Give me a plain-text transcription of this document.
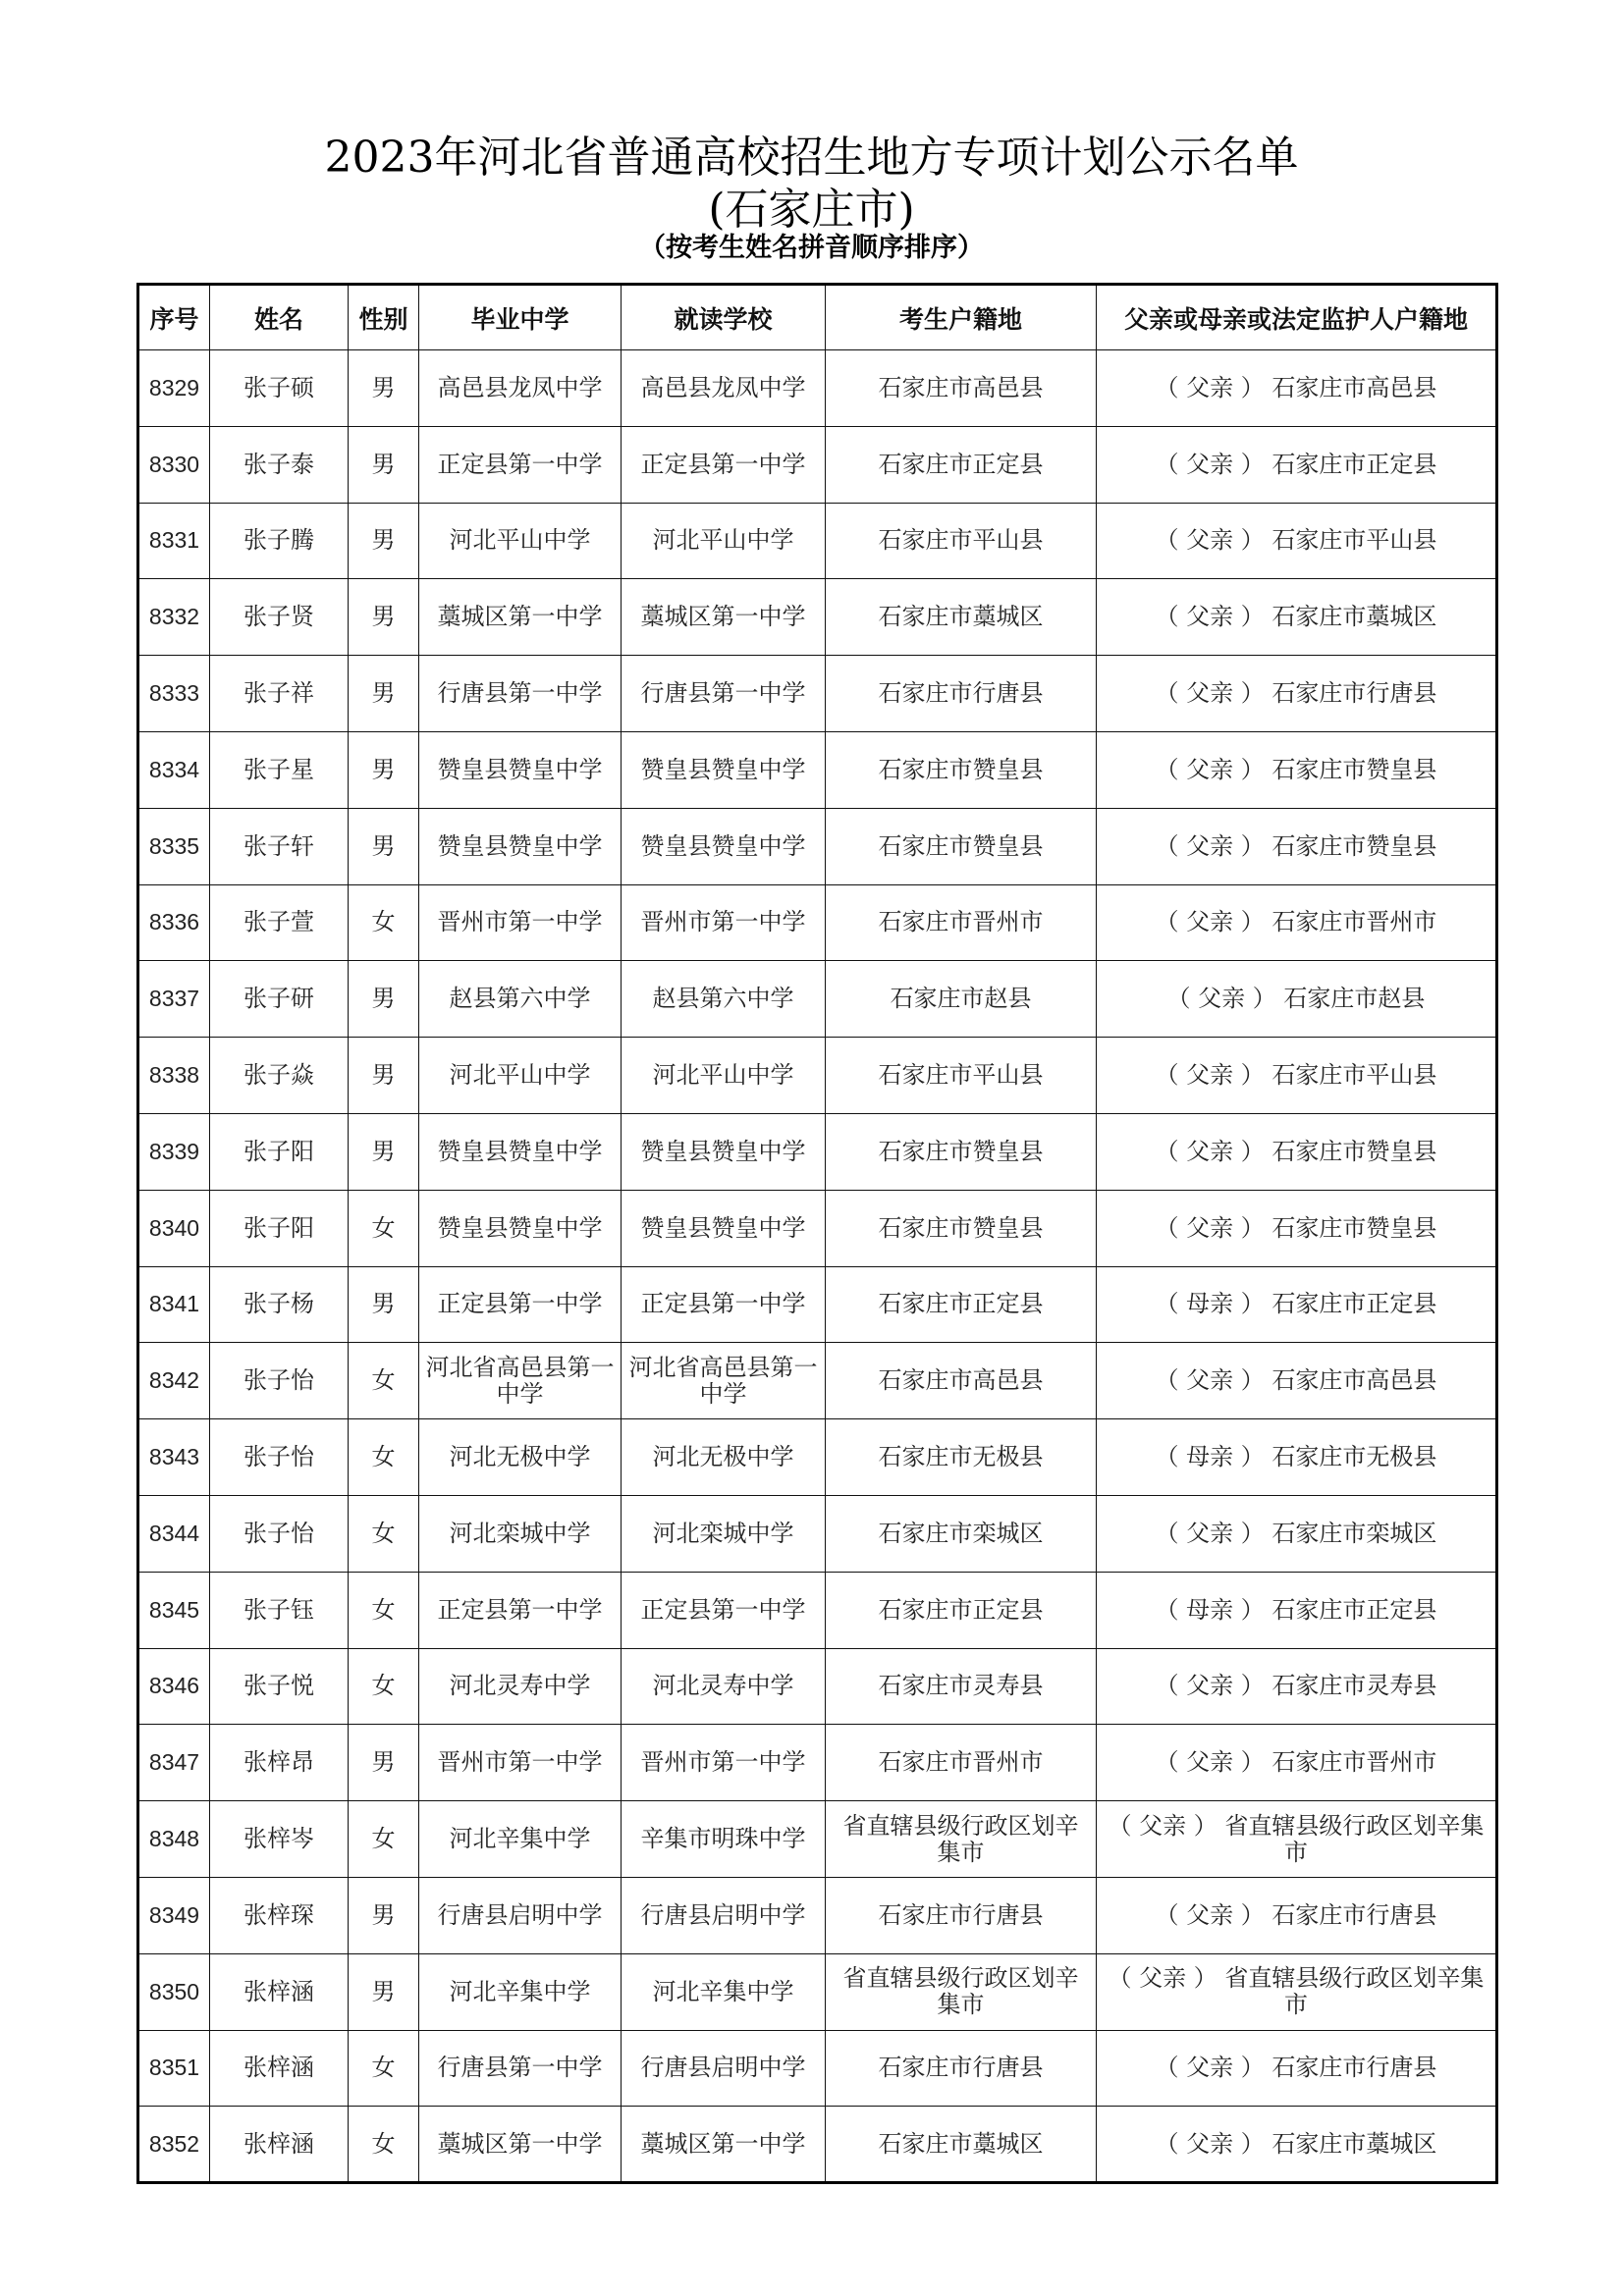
2023年河北省普通高校招生地方专项计划公示名单
(石家庄市)
（按考生姓名拼音顺序排序）
序号	姓名	性别	毕业中学	就读学校	考生户籍地	父亲或母亲或法定监护人户籍地
8329	张子硕	男	高邑县龙凤中学	高邑县龙凤中学	石家庄市高邑县	（ 父亲 ） 石家庄市高邑县
8330	张子泰	男	正定县第一中学	正定县第一中学	石家庄市正定县	（ 父亲 ） 石家庄市正定县
8331	张子腾	男	河北平山中学	河北平山中学	石家庄市平山县	（ 父亲 ） 石家庄市平山县
8332	张子贤	男	藁城区第一中学	藁城区第一中学	石家庄市藁城区	（ 父亲 ） 石家庄市藁城区
8333	张子祥	男	行唐县第一中学	行唐县第一中学	石家庄市行唐县	（ 父亲 ） 石家庄市行唐县
8334	张子星	男	赞皇县赞皇中学	赞皇县赞皇中学	石家庄市赞皇县	（ 父亲 ） 石家庄市赞皇县
8335	张子轩	男	赞皇县赞皇中学	赞皇县赞皇中学	石家庄市赞皇县	（ 父亲 ） 石家庄市赞皇县
8336	张子萱	女	晋州市第一中学	晋州市第一中学	石家庄市晋州市	（ 父亲 ） 石家庄市晋州市
8337	张子研	男	赵县第六中学	赵县第六中学	石家庄市赵县	（ 父亲 ） 石家庄市赵县
8338	张子焱	男	河北平山中学	河北平山中学	石家庄市平山县	（ 父亲 ） 石家庄市平山县
8339	张子阳	男	赞皇县赞皇中学	赞皇县赞皇中学	石家庄市赞皇县	（ 父亲 ） 石家庄市赞皇县
8340	张子阳	女	赞皇县赞皇中学	赞皇县赞皇中学	石家庄市赞皇县	（ 父亲 ） 石家庄市赞皇县
8341	张子杨	男	正定县第一中学	正定县第一中学	石家庄市正定县	（ 母亲 ） 石家庄市正定县
8342	张子怡	女	河北省高邑县第一中学	河北省高邑县第一中学	石家庄市高邑县	（ 父亲 ） 石家庄市高邑县
8343	张子怡	女	河北无极中学	河北无极中学	石家庄市无极县	（ 母亲 ） 石家庄市无极县
8344	张子怡	女	河北栾城中学	河北栾城中学	石家庄市栾城区	（ 父亲 ） 石家庄市栾城区
8345	张子钰	女	正定县第一中学	正定县第一中学	石家庄市正定县	（ 母亲 ） 石家庄市正定县
8346	张子悦	女	河北灵寿中学	河北灵寿中学	石家庄市灵寿县	（ 父亲 ） 石家庄市灵寿县
8347	张梓昂	男	晋州市第一中学	晋州市第一中学	石家庄市晋州市	（ 父亲 ） 石家庄市晋州市
8348	张梓岑	女	河北辛集中学	辛集市明珠中学	省直辖县级行政区划辛集市	（ 父亲 ） 省直辖县级行政区划辛集市
8349	张梓琛	男	行唐县启明中学	行唐县启明中学	石家庄市行唐县	（ 父亲 ） 石家庄市行唐县
8350	张梓涵	男	河北辛集中学	河北辛集中学	省直辖县级行政区划辛集市	（ 父亲 ） 省直辖县级行政区划辛集市
8351	张梓涵	女	行唐县第一中学	行唐县启明中学	石家庄市行唐县	（ 父亲 ） 石家庄市行唐县
8352	张梓涵	女	藁城区第一中学	藁城区第一中学	石家庄市藁城区	（ 父亲 ） 石家庄市藁城区
